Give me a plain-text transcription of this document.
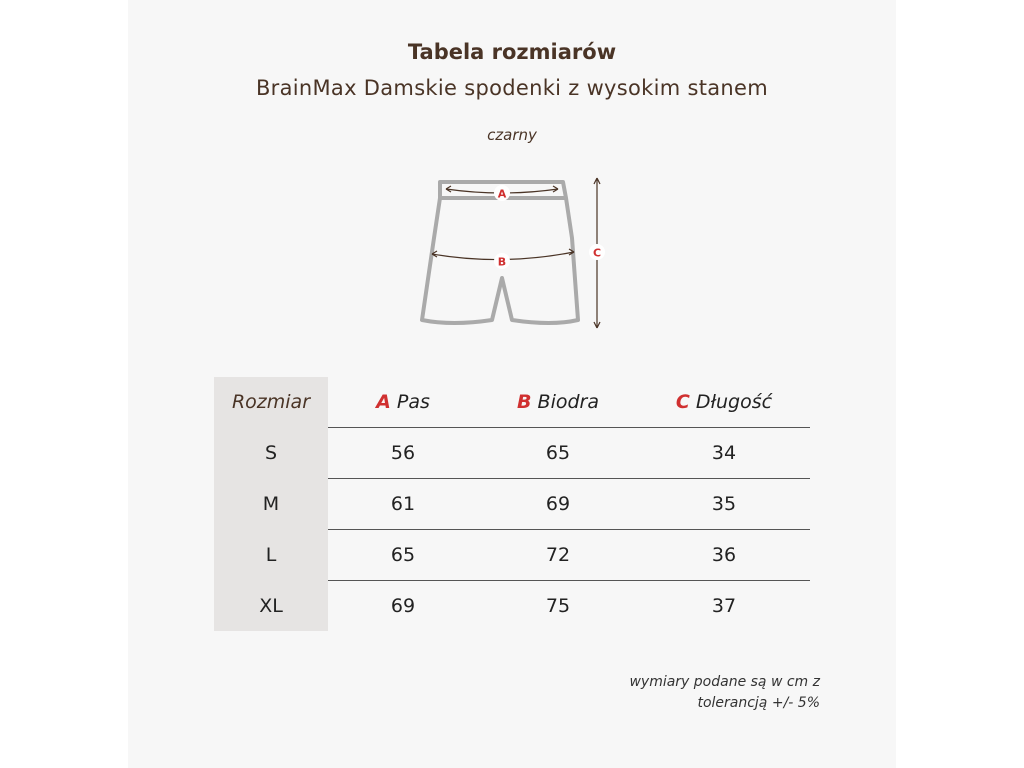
Tabela rozmiarów
BrainMax Damskie spodenki z wysokim stanem
czarny
A
B
C
Rozmiar	A Pas	B Biodra	C Długość
S	56	65	34
M	61	69	35
L	65	72	36
XL	69	75	37
wymiary podane są w cm z
tolerancją +/- 5%
